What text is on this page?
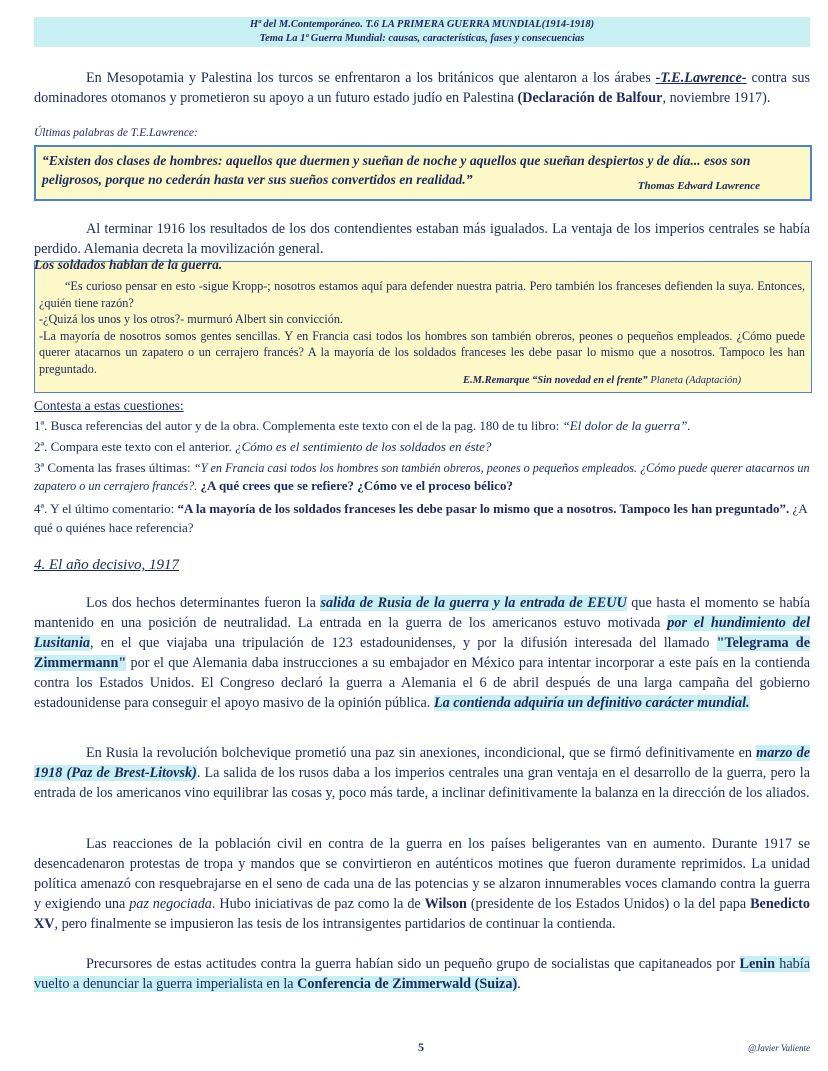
Hª del M.Contemporáneo. T.6 LA PRIMERA GUERRA MUNDIAL(1914-1918)
Tema La 1ª Guerra Mundial: causas, características, fases y consecuencias
En Mesopotamia y Palestina los turcos se enfrentaron a los británicos que alentaron a los árabes -T.E.Lawrence- contra sus dominadores otomanos y prometieron su apoyo a un futuro estado judío en Palestina (Declaración de Balfour, noviembre 1917).
Últimas palabras de T.E.Lawrence:
“Existen dos clases de hombres: aquellos que duermen y sueñan de noche y aquellos que sueñan despiertos y de día... esos son peligrosos, porque no cederán hasta ver sus sueños convertidos en realidad.”	Thomas Edward Lawrence
Al terminar 1916 los resultados de los dos contendientes estaban más igualados. La ventaja de los imperios centrales se había perdido. Alemania decreta la movilización general.
Los soldados hablan de la guerra.
“Es curioso pensar en esto -sigue Kropp-; nosotros estamos aquí para defender nuestra patria. Pero también los franceses defienden la suya. Entonces, ¿quién tiene razón?
-¿Quizá los unos y los otros?- murmuró Albert sin convicción.
-La mayoría de nosotros somos gentes sencillas. Y en Francia casi todos los hombres son también obreros, peones o pequeños empleados. ¿Cómo puede querer atacarnos un zapatero o un cerrajero francés? A la mayoría de los soldados franceses les debe pasar lo mismo que a nosotros. Tampoco les han preguntado.
E.M.Remarque “Sin novedad en el frente” Planeta (Adaptación)
Contesta a estas cuestiones:
1ª. Busca referencias del autor y de la obra. Complementa este texto con el de la pag. 180 de tu libro: “El dolor de la guerra”.
2ª. Compara este texto con el anterior. ¿Cómo es el sentimiento de los soldados en éste?
3ª Comenta las frases últimas: “Y en Francia casi todos los hombres son también obreros, peones o pequeños empleados. ¿Cómo puede querer atacarnos un zapatero o un cerrajero francés?. ¿A qué crees que se refiere? ¿Cómo ve el proceso bélico?
4ª. Y el último comentario: “A la mayoría de los soldados franceses les debe pasar lo mismo que a nosotros. Tampoco les han preguntado”. ¿A qué o quiénes hace referencia?
4. El año decisivo, 1917
Los dos hechos determinantes fueron la salida de Rusia de la guerra y la entrada de EEUU que hasta el momento se había mantenido en una posición de neutralidad. La entrada en la guerra de los americanos estuvo motivada por el hundimiento del Lusitania, en el que viajaba una tripulación de 123 estadounidenses, y por la difusión interesada del llamado "Telegrama de Zimmermann" por el que Alemania daba instrucciones a su embajador en México para intentar incorporar a este país en la contienda contra los Estados Unidos. El Congreso declaró la guerra a Alemania el 6 de abril después de una larga campaña del gobierno estadounidense para conseguir el apoyo masivo de la opinión pública. La contienda adquiría un definitivo carácter mundial.
En Rusia la revolución bolchevique prometió una paz sin anexiones, incondicional, que se firmó definitivamente en marzo de 1918 (Paz de Brest-Litovsk). La salida de los rusos daba a los imperios centrales una gran ventaja en el desarrollo de la guerra, pero la entrada de los americanos vino equilibrar las cosas y, poco más tarde, a inclinar definitivamente la balanza en la dirección de los aliados.
Las reacciones de la población civil en contra de la guerra en los países beligerantes van en aumento. Durante 1917 se desencadenaron protestas de tropa y mandos que se convirtieron en auténticos motines que fueron duramente reprimidos. La unidad política amenazó con resquebrajarse en el seno de cada una de las potencias y se alzaron innumerables voces clamando contra la guerra y exigiendo una paz negociada. Hubo iniciativas de paz como la de Wilson (presidente de los Estados Unidos) o la del papa Benedicto XV, pero finalmente se impusieron las tesis de los intransigentes partidarios de continuar la contienda.
Precursores de estas actitudes contra la guerra habían sido un pequeño grupo de socialistas que capitaneados por Lenin había vuelto a denunciar la guerra imperialista en la Conferencia de Zimmerwald (Suiza).
5	@Javier Valiente
